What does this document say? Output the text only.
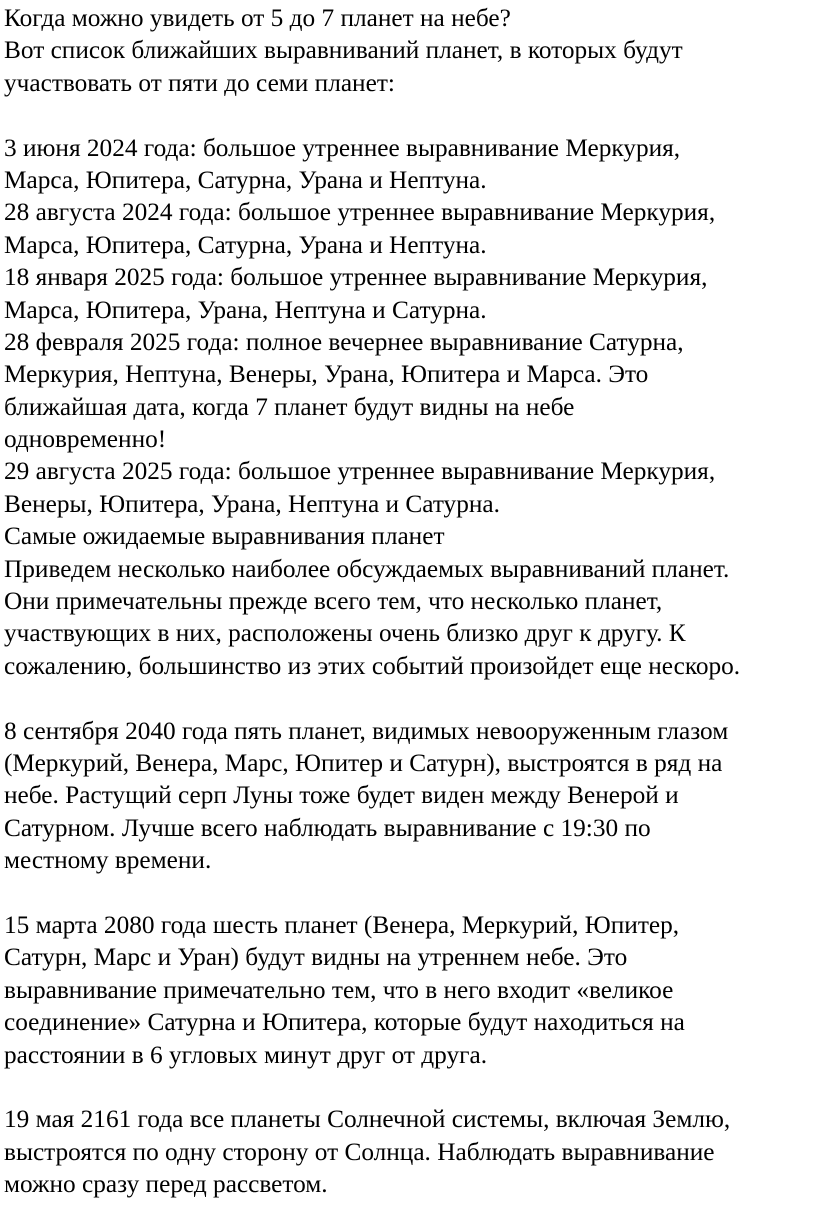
Когда можно увидеть от 5 до 7 планет на небе?
Вот список ближайших выравниваний планет, в которых будут
участвовать от пяти до семи планет:
3 июня 2024 года: большое утреннее выравнивание Меркурия,
Марса, Юпитера, Сатурна, Урана и Нептуна.
28 августа 2024 года: большое утреннее выравнивание Меркурия,
Марса, Юпитера, Сатурна, Урана и Нептуна.
18 января 2025 года: большое утреннее выравнивание Меркурия,
Марса, Юпитера, Урана, Нептуна и Сатурна.
28 февраля 2025 года: полное вечернее выравнивание Сатурна,
Меркурия, Нептуна, Венеры, Урана, Юпитера и Марса. Это
ближайшая дата, когда 7 планет будут видны на небе
одновременно!
29 августа 2025 года: большое утреннее выравнивание Меркурия,
Венеры, Юпитера, Урана, Нептуна и Сатурна.
Самые ожидаемые выравнивания планет
Приведем несколько наиболее обсуждаемых выравниваний планет.
Они примечательны прежде всего тем, что несколько планет,
участвующих в них, расположены очень близко друг к другу. К
сожалению, большинство из этих событий произойдет еще нескоро.
8 сентября 2040 года пять планет, видимых невооруженным глазом
(Меркурий, Венера, Марс, Юпитер и Сатурн), выстроятся в ряд на
небе. Растущий серп Луны тоже будет виден между Венерой и
Сатурном. Лучше всего наблюдать выравнивание с 19:30 по
местному времени.
15 марта 2080 года шесть планет (Венера, Меркурий, Юпитер,
Сатурн, Марс и Уран) будут видны на утреннем небе. Это
выравнивание примечательно тем, что в него входит «великое
соединение» Сатурна и Юпитера, которые будут находиться на
расстоянии в 6 угловых минут друг от друга.
19 мая 2161 года все планеты Солнечной системы, включая Землю,
выстроятся по одну сторону от Солнца. Наблюдать выравнивание
можно сразу перед рассветом.
